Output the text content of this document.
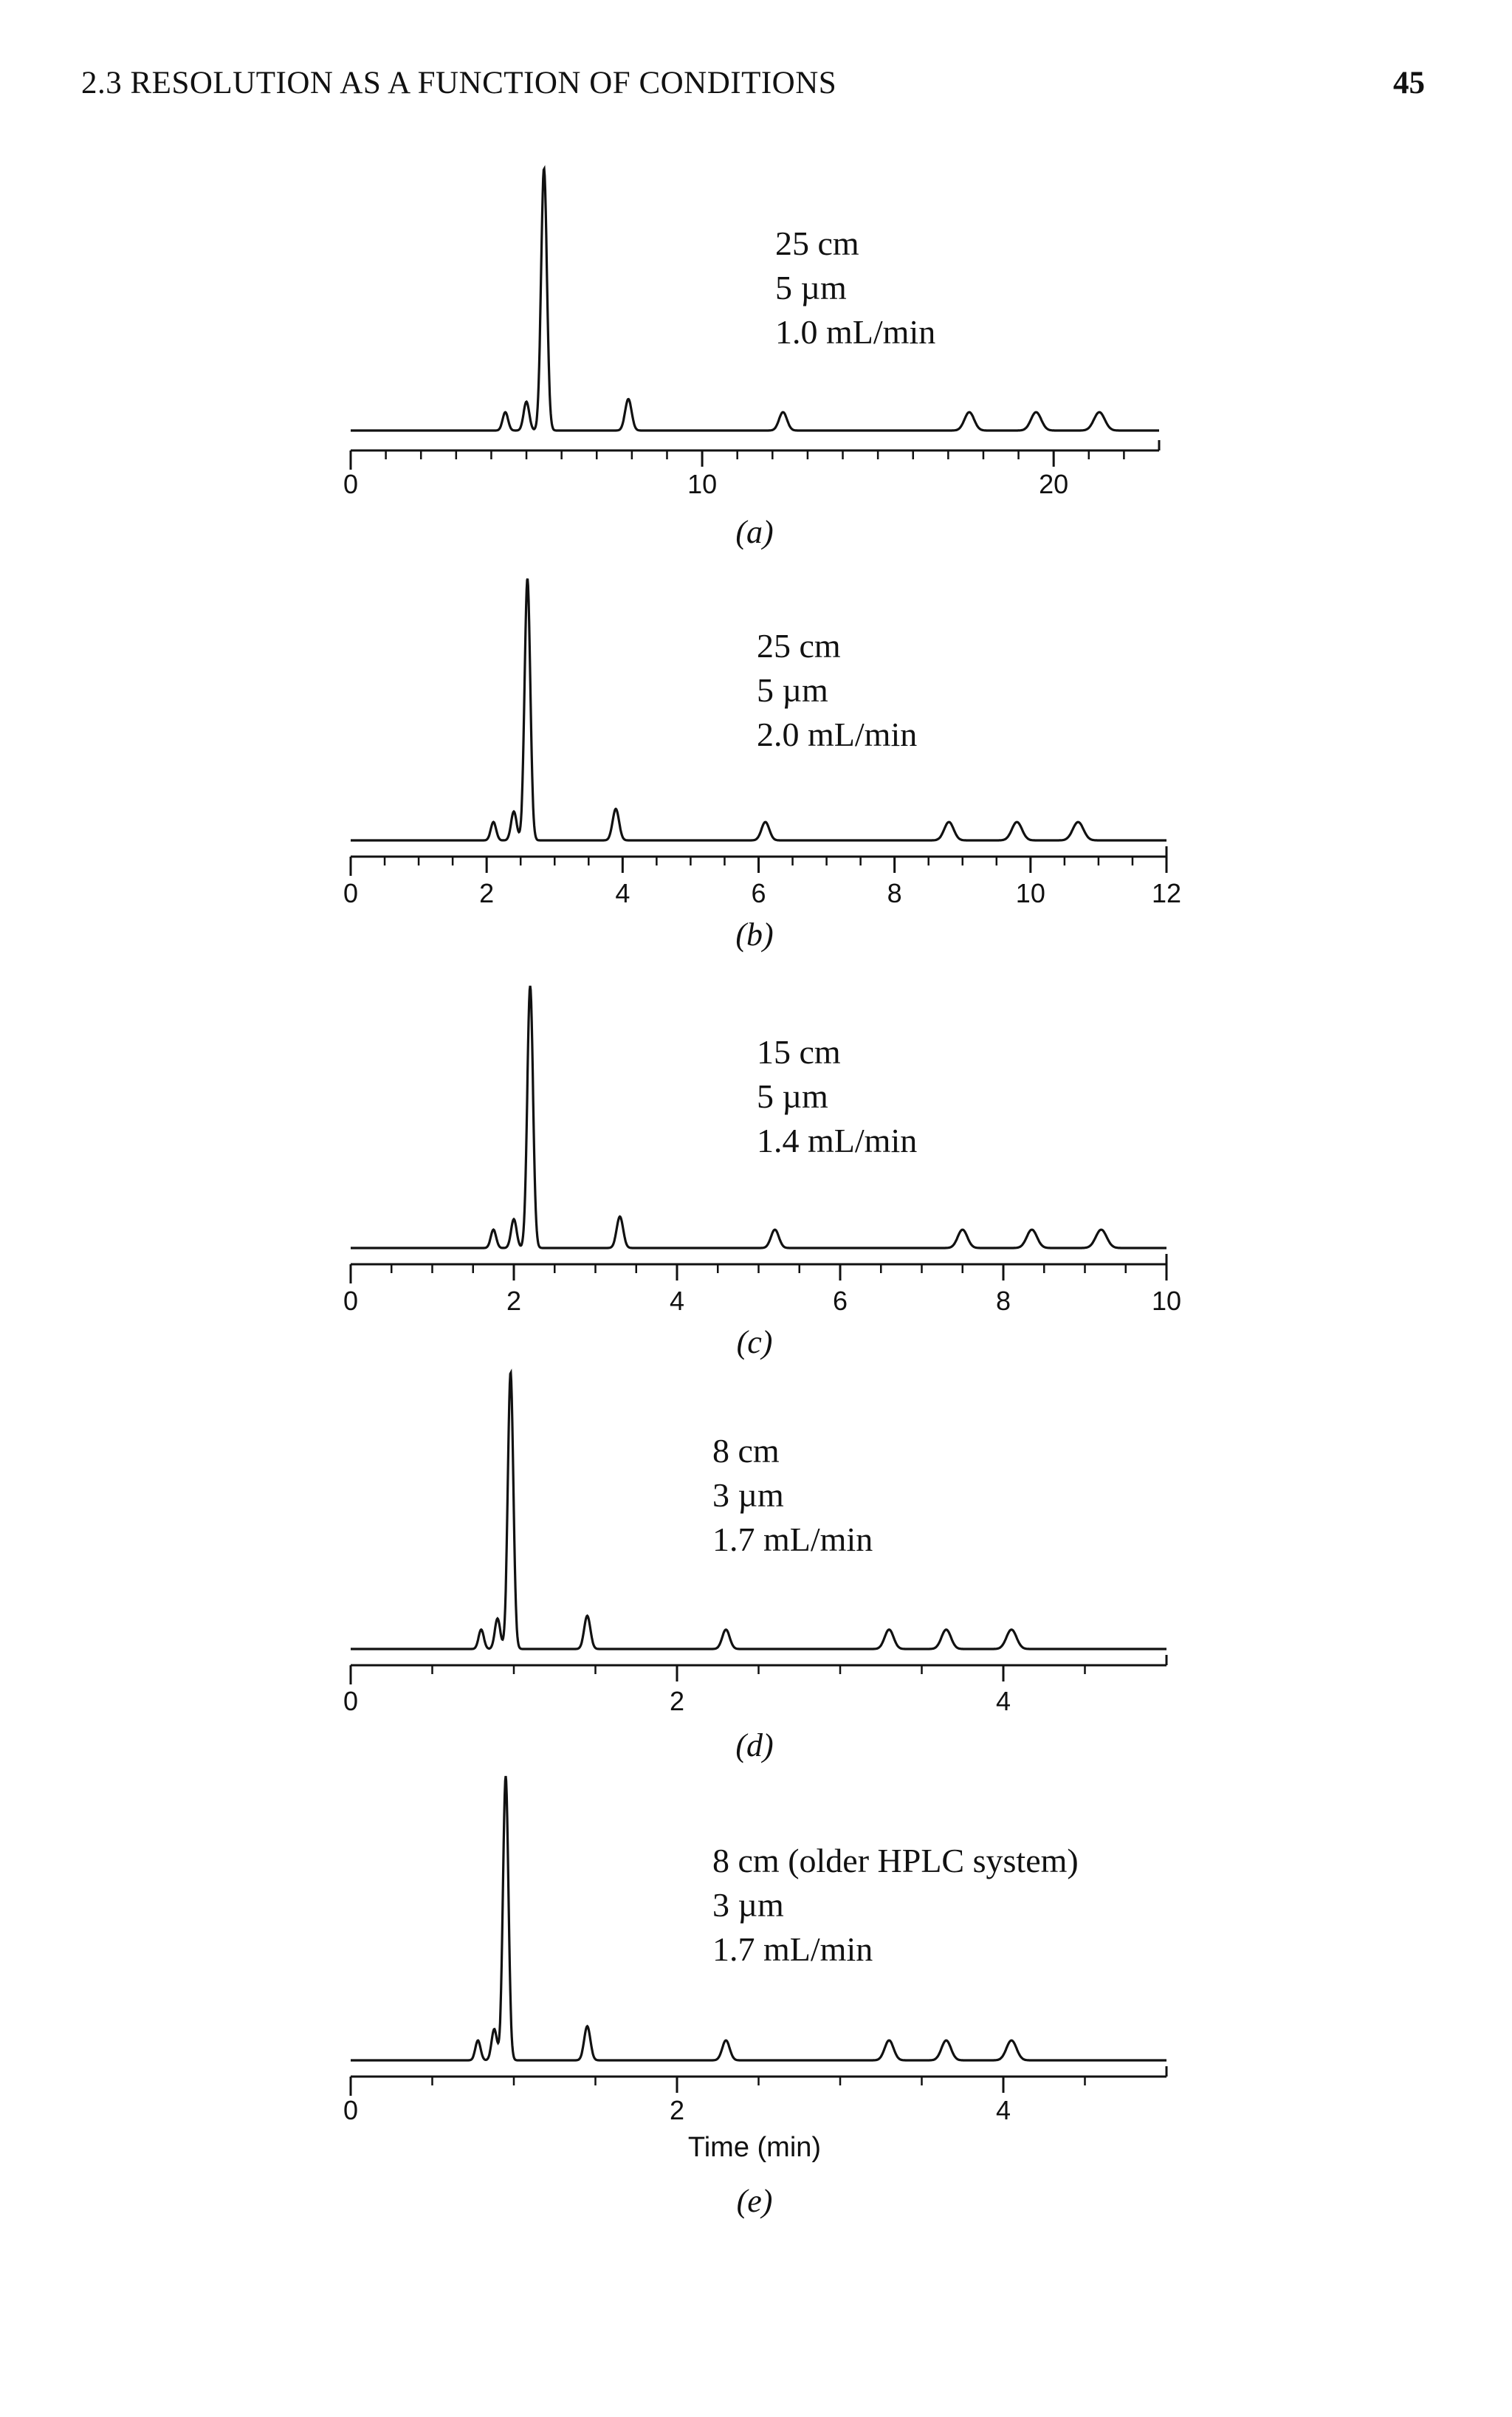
2.3 RESOLUTION AS A FUNCTION OF CONDITIONS	45
0	10	20
25 cm
5 µm
1.0 mL/min
(a)
0	2	4	6	8	10	12
25 cm
5 µm
2.0 mL/min
(b)
0	2	4	6	8	10
15 cm
5 µm
1.4 mL/min
(c)
0	2	4
8 cm
3 µm
1.7 mL/min
(d)
0	2	4
8 cm (older HPLC system)
3 µm
1.7 mL/min
Time (min)
(e)
